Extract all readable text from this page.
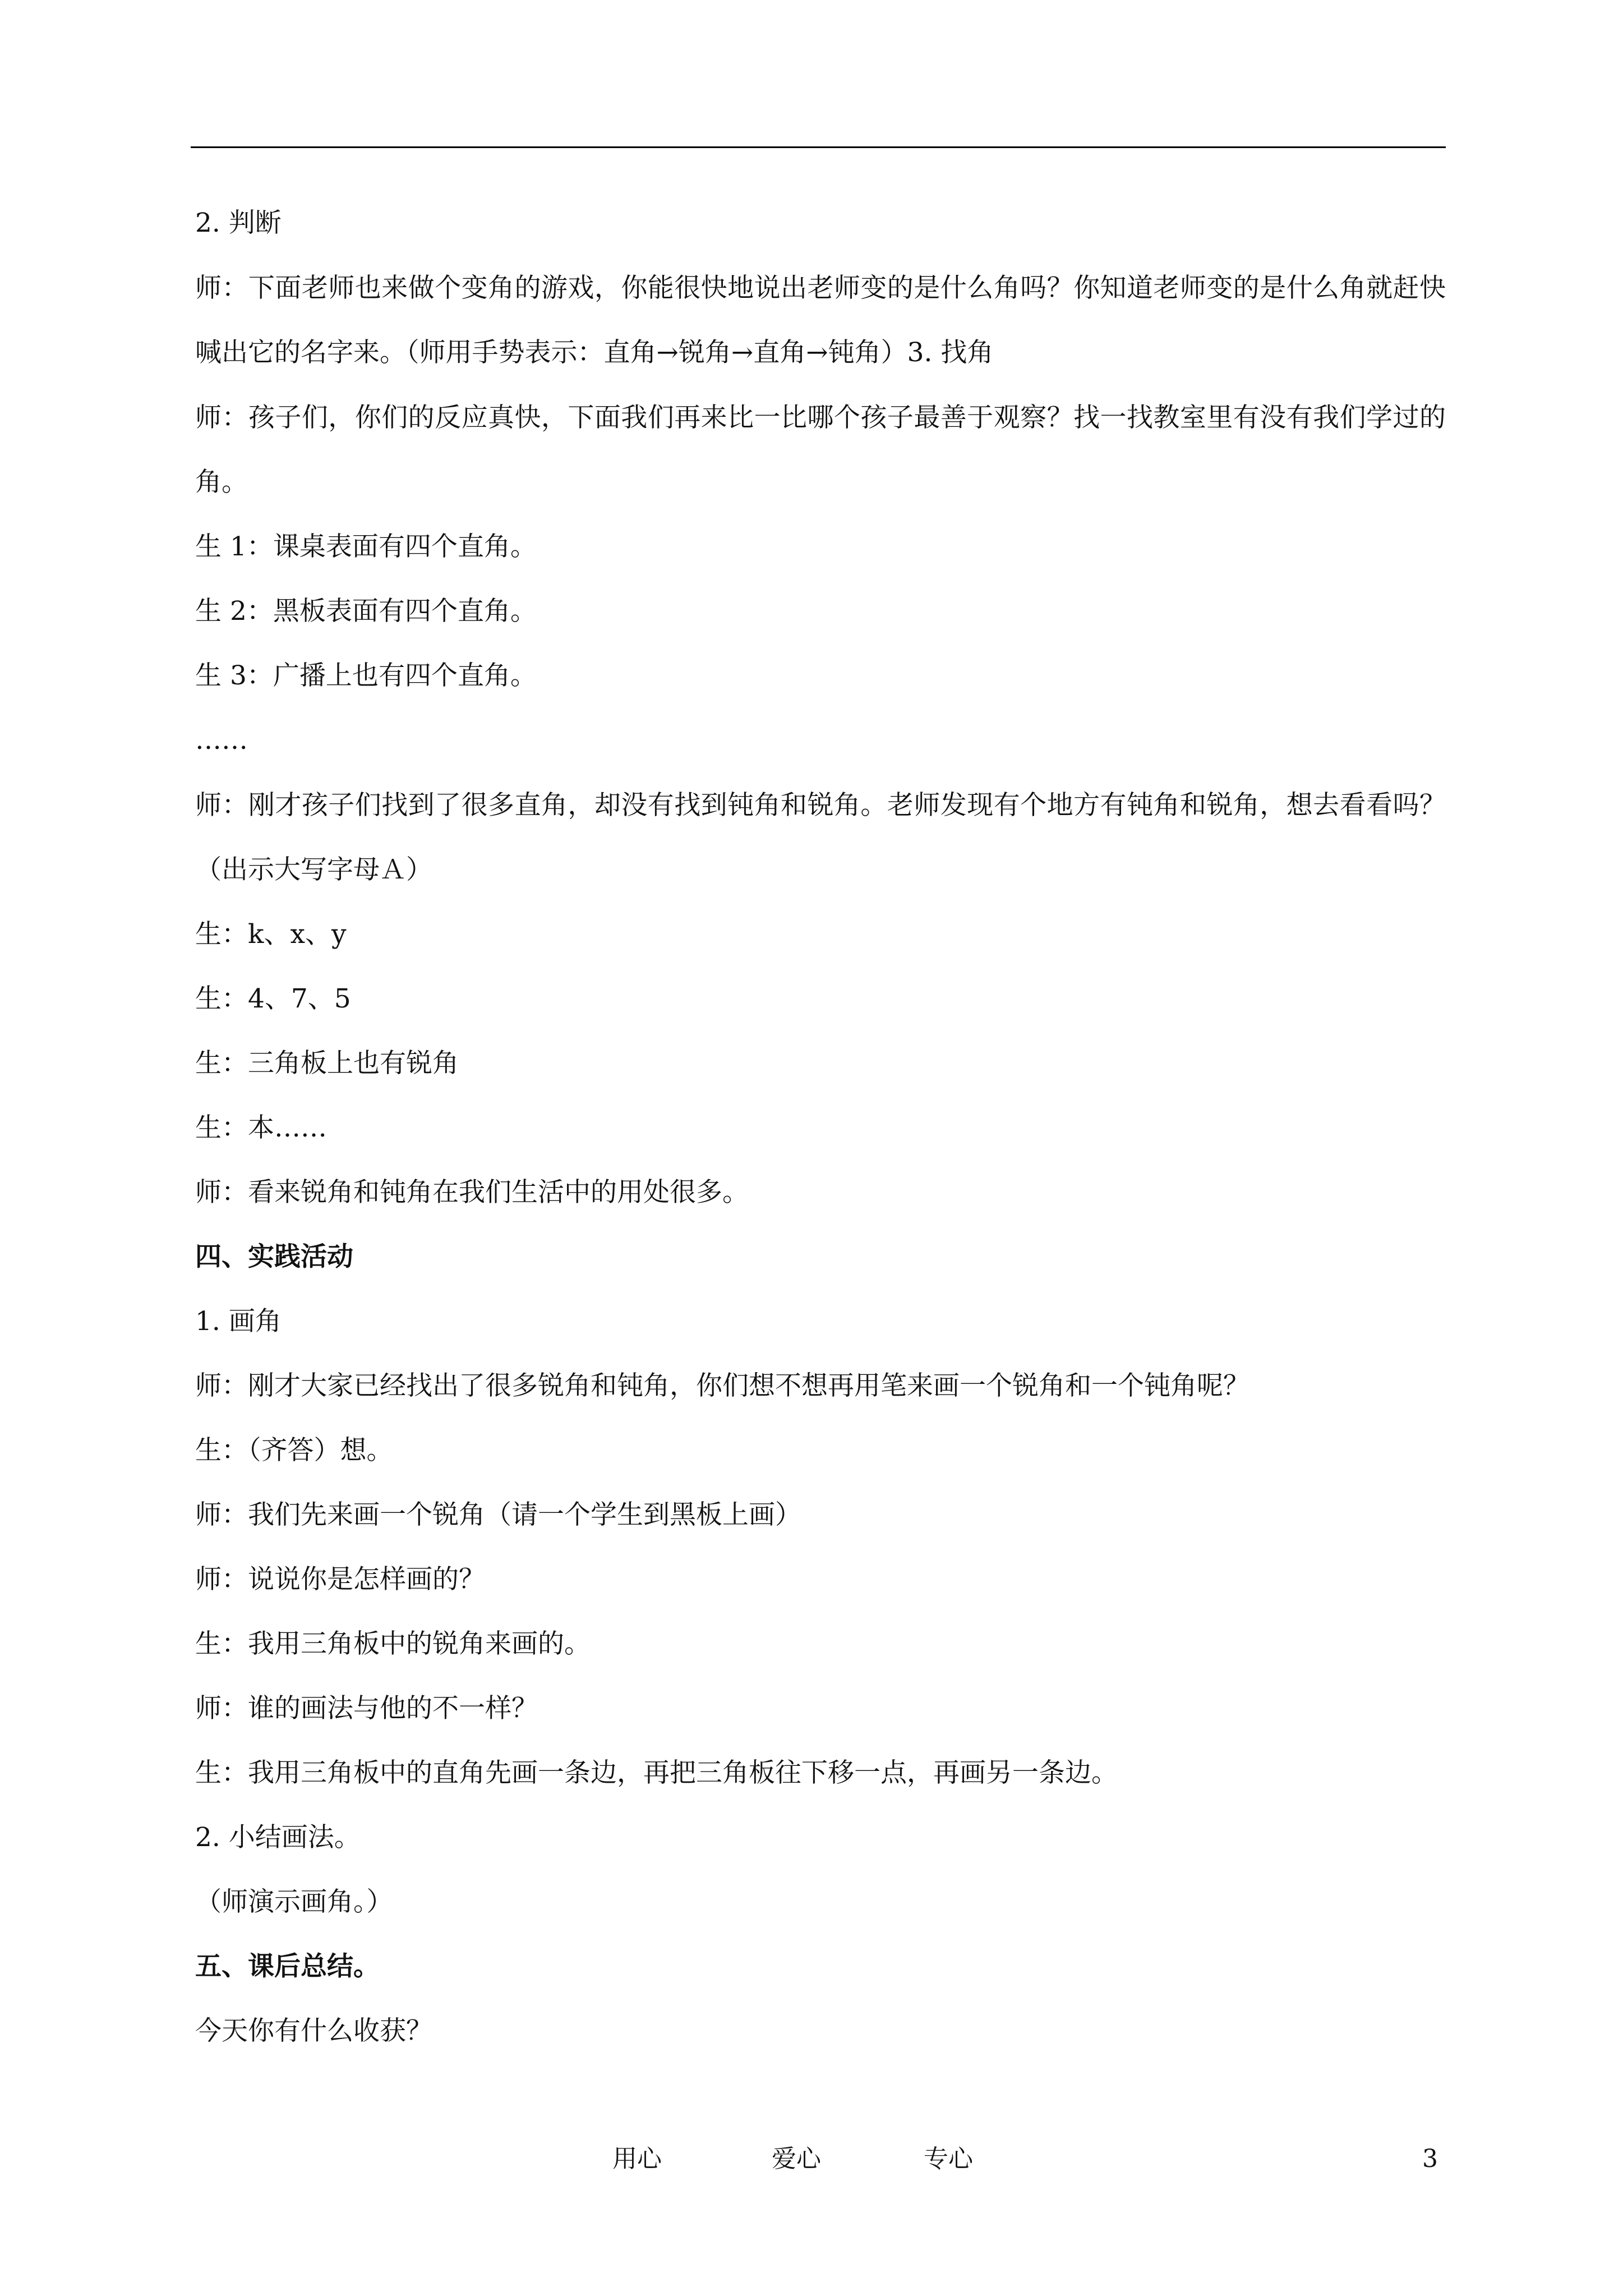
2. 判断
师：下面老师也来做个变角的游戏，你能很快地说出老师变的是什么角吗？你知道老师变的是什么角就赶快喊出它的名字来。（师用手势表示：直角→锐角→直角→钝角）3. 找角
师：孩子们，你们的反应真快，下面我们再来比一比哪个孩子最善于观察？找一找教室里有没有我们学过的角。
生 1：课桌表面有四个直角。
生 2：黑板表面有四个直角。
生 3：广播上也有四个直角。
……
师：刚才孩子们找到了很多直角，却没有找到钝角和锐角。老师发现有个地方有钝角和锐角，想去看看吗？（出示大写字母Ａ）
生：k、x、y
生：4、7、5
生：三角板上也有锐角
生：本……
师：看来锐角和钝角在我们生活中的用处很多。
四、实践活动
1. 画角
师：刚才大家已经找出了很多锐角和钝角，你们想不想再用笔来画一个锐角和一个钝角呢？
生：（齐答）想。
师：我们先来画一个锐角（请一个学生到黑板上画）
师：说说你是怎样画的？
生：我用三角板中的锐角来画的。
师：谁的画法与他的不一样？
生：我用三角板中的直角先画一条边，再把三角板往下移一点，再画另一条边。
2. 小结画法。
（师演示画角。）
五、课后总结。
今天你有什么收获？
用心	爱心	专心	3
